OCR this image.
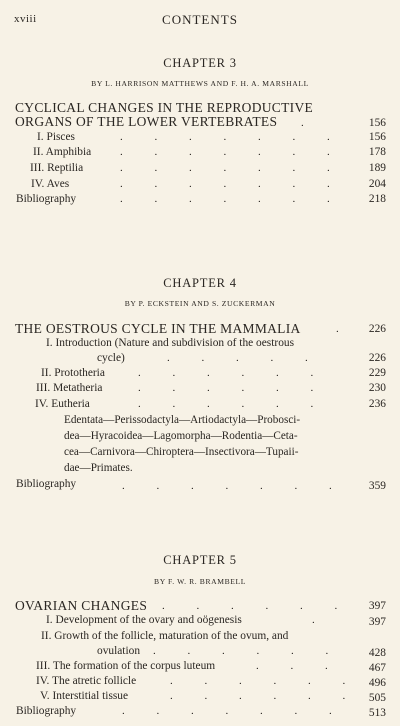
xviii	CONTENTS
CHAPTER 3
BY L. HARRISON MATTHEWS AND F. H. A. MARSHALL
CYCLICAL CHANGES IN THE REPRODUCTIVE
ORGANS OF THE LOWER VERTEBRATES .	156
I. Pisces	. . . . . . .	156
II. Amphibia	. . . . . . .	178
III. Reptilia	. . . . . . .	189
IV. Aves	. . . . . . .	204
Bibliography	. . . . . . .	218
CHAPTER 4
BY P. ECKSTEIN AND S. ZUCKERMAN
THE OESTROUS CYCLE IN THE MAMMALIA	.	226
I. Introduction (Nature and subdivision of the oestrous
cycle)	. . . . .	226
II. Prototheria	. . . . . .	229
III. Metatheria	. . . . . .	230
IV. Eutheria	. . . . . .	236
Edentata—Perissodactyla—Artiodactyla—Probosci-
dea—Hyracoidea—Lagomorpha—Rodentia—Ceta-
cea—Carnivora—Chiroptera—Insectivora—Tupaii-
dae—Primates.
Bibliography	. . . . . . .	359
CHAPTER 5
BY F. W. R. BRAMBELL
OVARIAN CHANGES . . . . . .	397
I. Development of the ovary and oögenesis	.	397
II. Growth of the follicle, maturation of the ovum, and
ovulation . . . . . .	428
III. The formation of the corpus luteum	. . .	467
IV. The atretic follicle	. . . . . . 496
V. Interstitial tissue	. . . . . . 505
Bibliography	. . . . . . .	513
